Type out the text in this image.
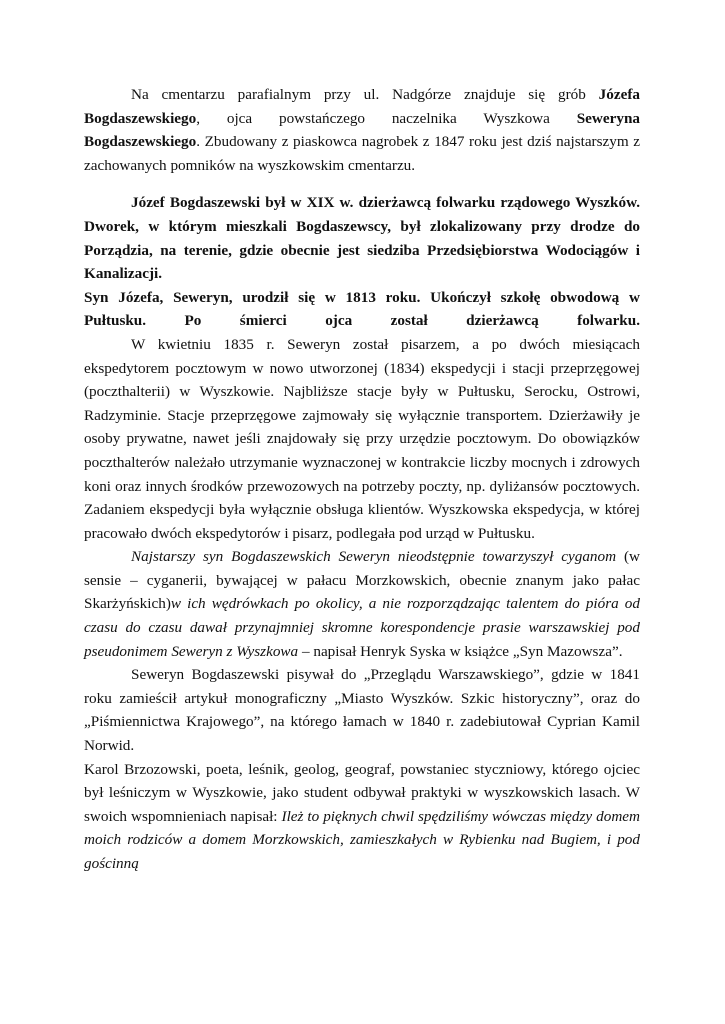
Na cmentarzu parafialnym przy ul. Nadgórze znajduje się grób Józefa Bogdaszewskiego, ojca powstańczego naczelnika Wyszkowa Seweryna Bogdaszewskiego. Zbudowany z piaskowca nagrobek z 1847 roku jest dziś najstarszym z zachowanych pomników na wyszkowskim cmentarzu.

Józef Bogdaszewski był w XIX w. dzierżawcą folwarku rządowego Wyszków. Dworek, w którym mieszkali Bogdaszewscy, był zlokalizowany przy drodze do Porządzia, na terenie, gdzie obecnie jest siedziba Przedsiębiorstwa Wodociągów i Kanalizacji.

Syn Józefa, Seweryn, urodził się w 1813 roku. Ukończył szkołę obwodową w Pułtusku. Po śmierci ojca został dzierżawcą folwarku.

W kwietniu 1835 r. Seweryn został pisarzem, a po dwóch miesiącach ekspedytorem pocztowym w nowo utworzonej (1834) ekspedycji i stacji przeprzęgowej (poczthalterii) w Wyszkowie. Najbliższe stacje były w Pułtusku, Serocku, Ostrowi, Radzyminie. Stacje przeprzęgowe zajmowały się wyłącznie transportem. Dzierżawiły je osoby prywatne, nawet jeśli znajdowały się przy urzędzie pocztowym. Do obowiązków poczthalterów należało utrzymanie wyznaczonej w kontrakcie liczby mocnych i zdrowych koni oraz innych środków przewozowych na potrzeby poczty, np. dyliżansów pocztowych. Zadaniem ekspedycji była wyłącznie obsługa klientów. Wyszkowska ekspedycja, w której pracowało dwóch ekspedytorów i pisarz, podlegała pod urząd w Pułtusku.

Najstarszy syn Bogdaszewskich Seweryn nieodstępnie towarzyszył cyganom (w sensie – cyganerii, bywającej w pałacu Morzkowskich, obecnie znanym jako pałac Skarżyńskich)w ich wędrówkach po okolicy, a nie rozporządzając talentem do pióra od czasu do czasu dawał przynajmniej skromne korespondencje prasie warszawskiej pod pseudonimem Seweryn z Wyszkowa – napisał Henryk Syska w książce „Syn Mazowsza”.

Seweryn Bogdaszewski pisywał do „Przeglądu Warszawskiego”, gdzie w 1841 roku zamieścił artykuł monograficzny „Miasto Wyszków. Szkic historyczny”, oraz do „Piśmiennictwa Krajowego”, na którego łamach w 1840 r. zadebiutował Cyprian Kamil Norwid.

Karol Brzozowski, poeta, leśnik, geolog, geograf, powstaniec styczniowy, którego ojciec był leśniczym w Wyszkowie, jako student odbywał praktyki w wyszkowskich lasach. W swoich wspomnieniach napisał: Ileż to pięknych chwil spędziliśmy wówczas między domem moich rodziców a domem Morzkowskich, zamieszkałych w Rybienku nad Bugiem, i pod gościnną
